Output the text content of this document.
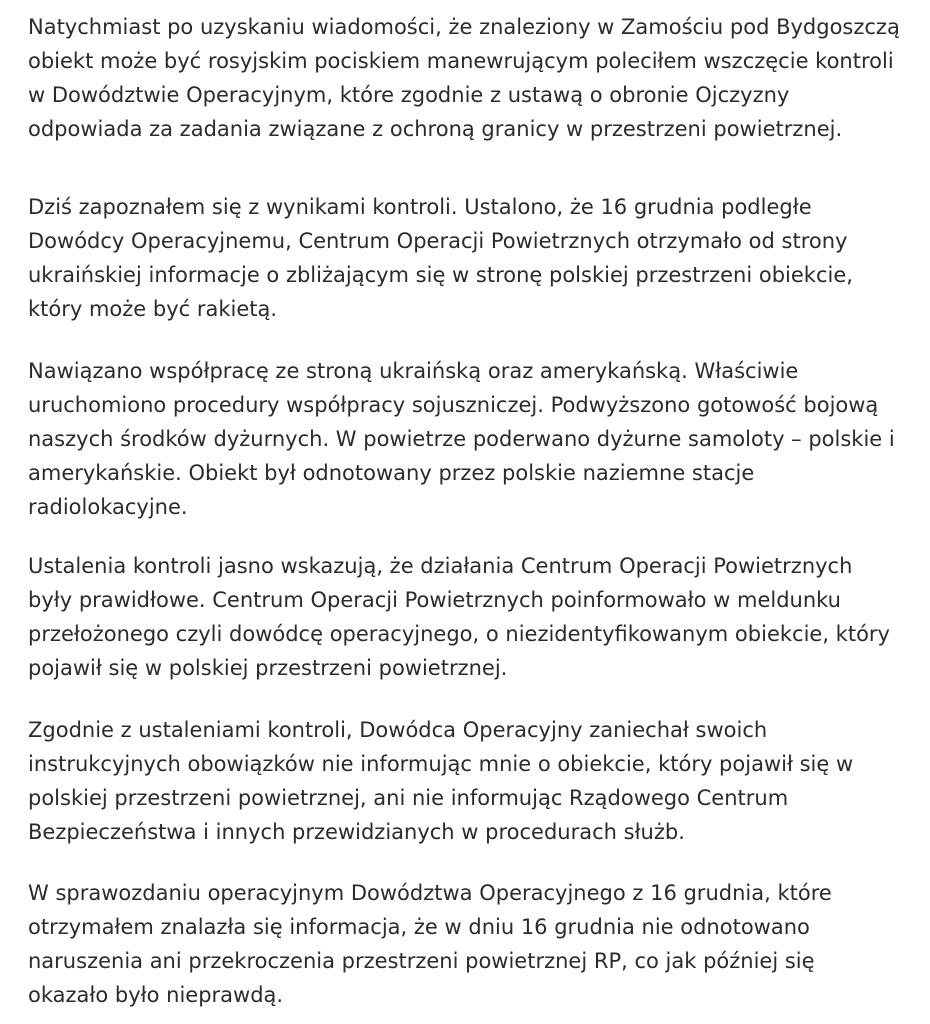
Natychmiast po uzyskaniu wiadomości, że znaleziony w Zamościu pod Bydgoszczą
obiekt może być rosyjskim pociskiem manewrującym poleciłem wszczęcie kontroli
w Dowództwie Operacyjnym, które zgodnie z ustawą o obronie Ojczyzny
odpowiada za zadania związane z ochroną granicy w przestrzeni powietrznej.

Dziś zapoznałem się z wynikami kontroli. Ustalono, że 16 grudnia podległe
Dowódcy Operacyjnemu, Centrum Operacji Powietrznych otrzymało od strony
ukraińskiej informacje o zbliżającym się w stronę polskiej przestrzeni obiekcie,
który może być rakietą.

Nawiązano współpracę ze stroną ukraińską oraz amerykańską. Właściwie
uruchomiono procedury współpracy sojuszniczej. Podwyższono gotowość bojową
naszych środków dyżurnych. W powietrze poderwano dyżurne samoloty – polskie i
amerykańskie. Obiekt był odnotowany przez polskie naziemne stacje
radiolokacyjne.

Ustalenia kontroli jasno wskazują, że działania Centrum Operacji Powietrznych
były prawidłowe. Centrum Operacji Powietrznych poinformowało w meldunku
przełożonego czyli dowódcę operacyjnego, o niezidentyfikowanym obiekcie, który
pojawił się w polskiej przestrzeni powietrznej.

Zgodnie z ustaleniami kontroli, Dowódca Operacyjny zaniechał swoich
instrukcyjnych obowiązków nie informując mnie o obiekcie, który pojawił się w
polskiej przestrzeni powietrznej, ani nie informując Rządowego Centrum
Bezpieczeństwa i innych przewidzianych w procedurach służb.

W sprawozdaniu operacyjnym Dowództwa Operacyjnego z 16 grudnia, które
otrzymałem znalazła się informacja, że w dniu 16 grudnia nie odnotowano
naruszenia ani przekroczenia przestrzeni powietrznej RP, co jak później się
okazało było nieprawdą.
